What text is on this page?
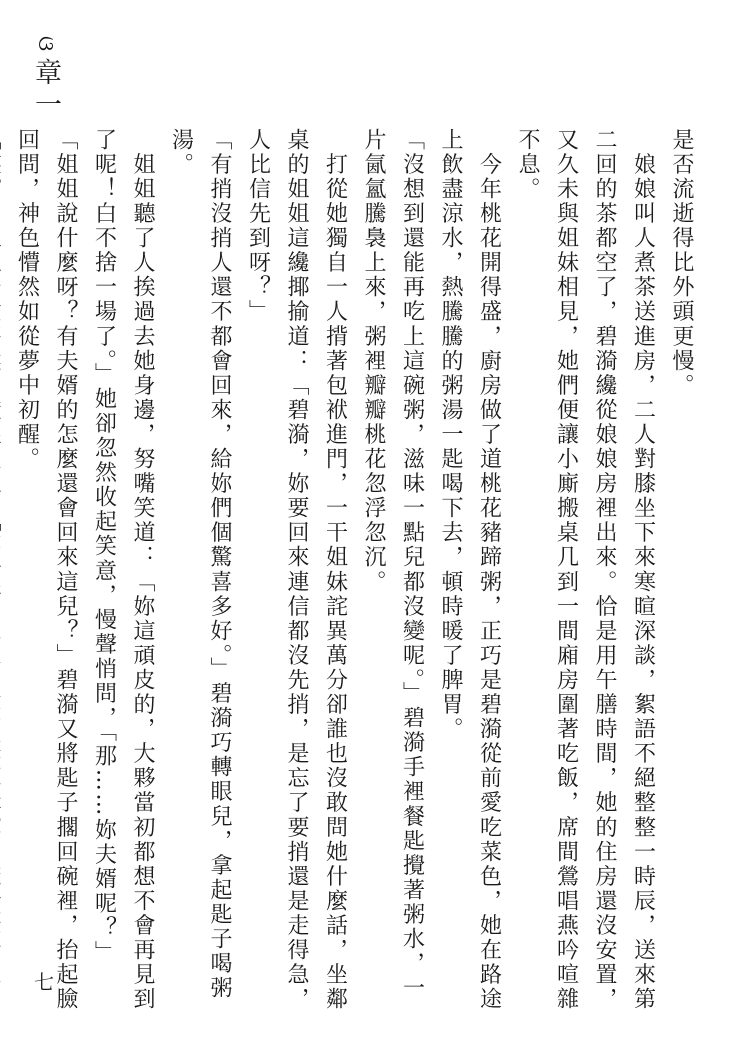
ଓ章一

是否流逝得比外頭更慢。

　娘娘叫人煮茶送進房，二人對膝坐下來寒暄深談，絮語不絕整整一時辰，送來第二回的茶都空了，碧漪纔從娘娘房裡出來。恰是用午膳時間，她的住房還沒安置，又久未與姐妹相見，她們便讓小廝搬桌几到一間廂房圍著吃飯，席間鶯唱燕吟喧雜不息。

　今年桃花開得盛，廚房做了道桃花豬蹄粥，正巧是碧漪從前愛吃菜色，她在路途上飲盡涼水，熱騰騰的粥湯一匙喝下去，頓時暖了脾胃。

「沒想到還能再吃上這碗粥，滋味一點兒都沒變呢。」碧漪手裡餐匙攪著粥水，一片氤氳騰裊上來，粥裡瓣瓣桃花忽浮忽沉。

　打從她獨自一人揹著包袱進門，一干姐妹詫異萬分卻誰也沒敢問她什麼話，坐鄰桌的姐姐這纔揶揄道：「碧漪，妳要回來連信都沒先捎，是忘了要捎還是走得急，人比信先到呀？」

「有捎沒捎人還不都會回來，給妳們個驚喜多好。」碧漪巧轉眼兒，拿起匙子喝粥湯。

　姐姐聽了人挨過去她身邊，努嘴笑道：「妳這頑皮的，大夥當初都想不會再見到了呢！白不捨一場了。」她卻忽然收起笑意，慢聲悄問，「那……妳夫婿呢？」

「姐姐說什麼呀？有夫婿的怎麼還會回來這兒？」碧漪又將匙子擱回碗裡，抬起臉回問，神色懵然如從夢中初醒。

七
